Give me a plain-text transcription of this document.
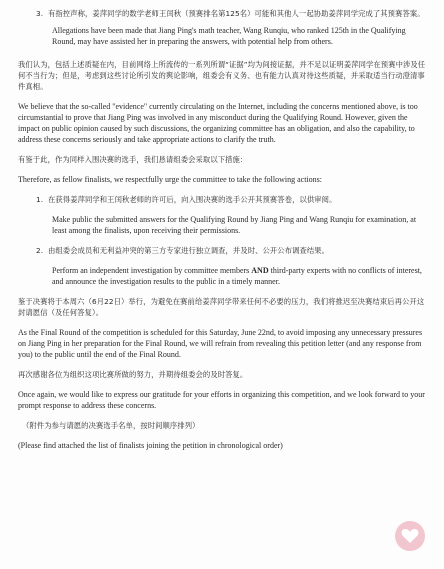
3. 有指控声称，姜萍同学的数学老师王闰秋（预赛排名第125名）可能和其他人一起协助姜萍同学完成了其预赛答案。

Allegations have been made that Jiang Ping's math teacher, Wang Runqiu, who ranked 125th in the Qualifying Round, may have assisted her in preparing the answers, with potential help from others.

我们认为，包括上述质疑在内，目前网络上所流传的一系列所谓“证据”均为间接证据，并不足以证明姜萍同学在预赛中涉及任何不当行为；但是，考虑到这些讨论所引发的舆论影响，组委会有义务、也有能力认真对待这些质疑，并采取适当行动澄清事件真相。

We believe that the so-called "evidence" currently circulating on the Internet, including the concerns mentioned above, is too circumstantial to prove that Jiang Ping was involved in any misconduct during the Qualifying Round. However, given the impact on public opinion caused by such discussions, the organizing committee has an obligation, and also the capability, to address these concerns seriously and take appropriate actions to clarify the truth.

有鉴于此，作为同样入围决赛的选手，我们恳请组委会采取以下措施：

Therefore, as fellow finalists, we respectfully urge the committee to take the following actions:

1. 在获得姜萍同学和王闰秋老师的许可后，向入围决赛的选手公开其预赛答卷，以供审阅。

Make public the submitted answers for the Qualifying Round by Jiang Ping and Wang Runqiu for examination, at least among the finalists, upon receiving their permissions.

2. 由组委会成员和无利益冲突的第三方专家进行独立调查，并及时、公开公布调查结果。

Perform an independent investigation by committee members AND third-party experts with no conflicts of interest, and announce the investigation results to the public in a timely manner.

鉴于决赛将于本周六（6月22日）举行，为避免在赛前给姜萍同学带来任何不必要的压力，我们将推迟至决赛结束后再公开这封请愿信（及任何答复）。

As the Final Round of the competition is scheduled for this Saturday, June 22nd, to avoid imposing any unnecessary pressures on Jiang Ping in her preparation for the Final Round, we will refrain from revealing this petition letter (and any response from you) to the public until the end of the Final Round.

再次感谢各位为组织这项比赛所做的努力，并期待组委会的及时答复。

Once again, we would like to express our gratitude for your efforts in organizing this competition, and we look forward to your prompt response to address these concerns.

（附件为参与请愿的决赛选手名单，按时间顺序排列）

(Please find attached the list of finalists joining the petition in chronological order)
